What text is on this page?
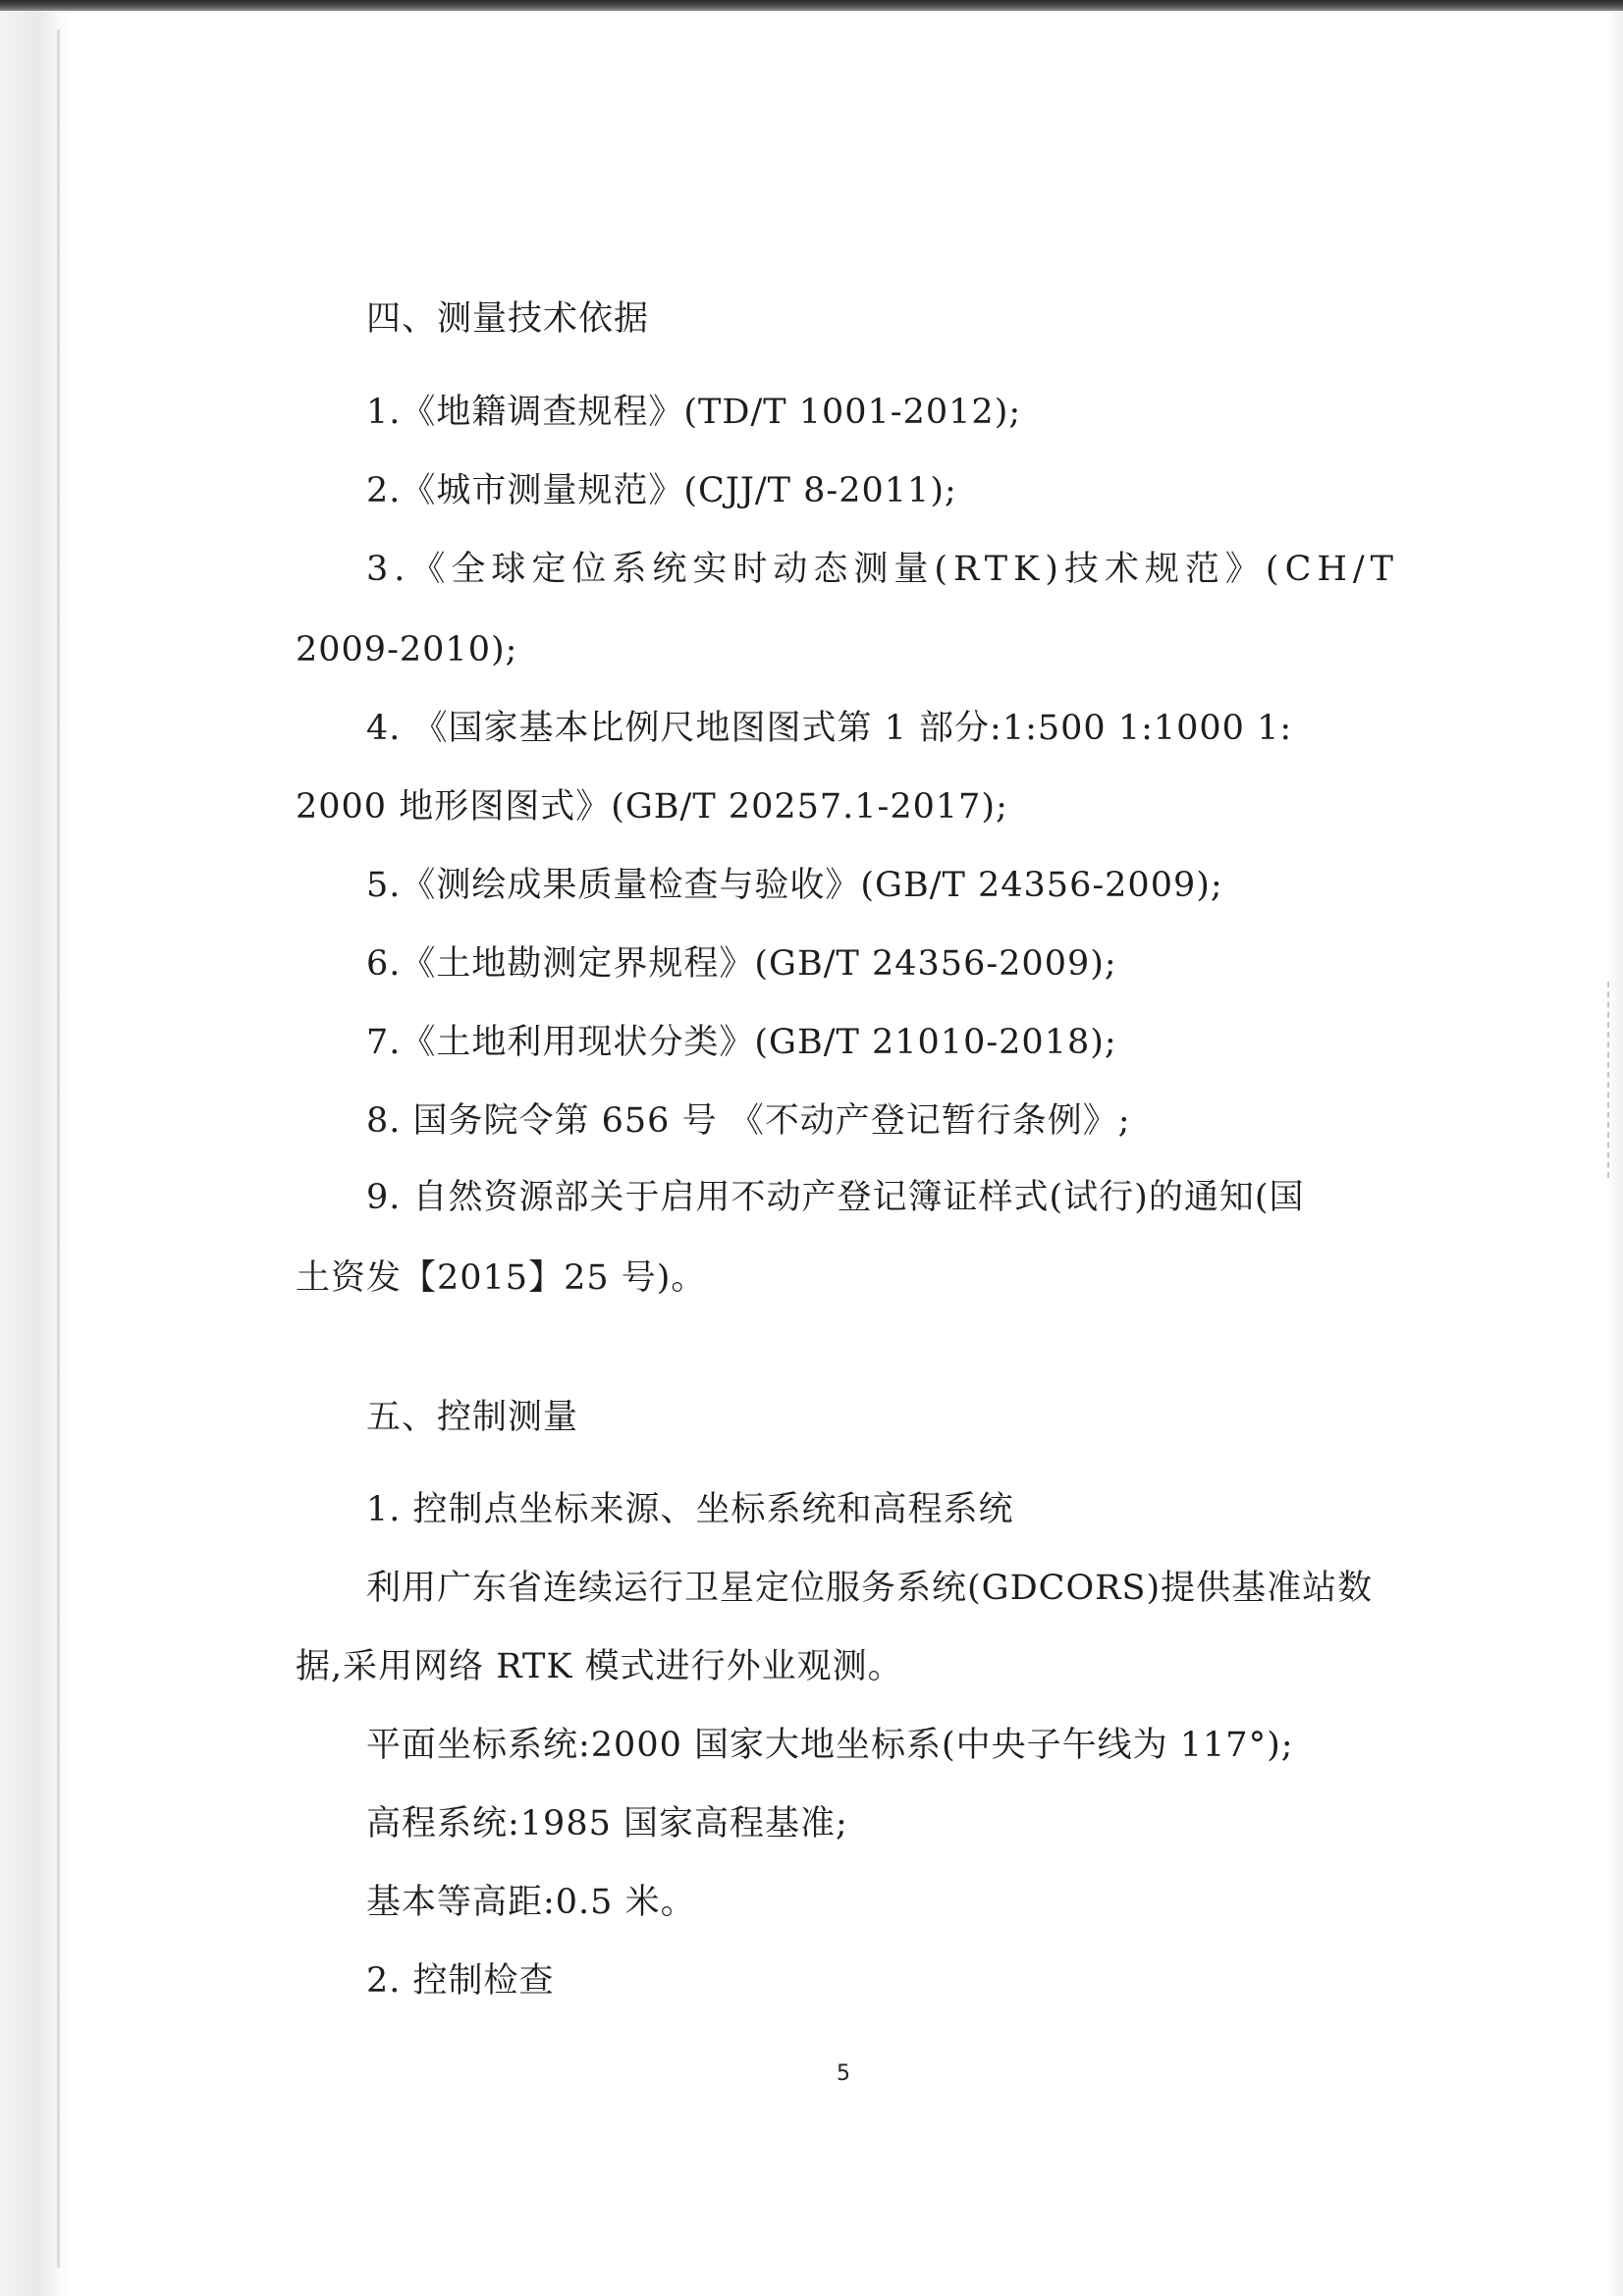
四、测量技术依据
1.《地籍调查规程》(TD/T 1001-2012);
2.《城市测量规范》(CJJ/T 8-2011);
3.《全球定位系统实时动态测量(RTK)技术规范》(CH/T
2009-2010);
4. 《国家基本比例尺地图图式第 1 部分:1:500 1:1000 1:
2000 地形图图式》(GB/T 20257.1-2017);
5.《测绘成果质量检查与验收》(GB/T 24356-2009);
6.《土地勘测定界规程》(GB/T 24356-2009);
7.《土地利用现状分类》(GB/T 21010-2018);
8. 国务院令第 656 号 《不动产登记暂行条例》;
9. 自然资源部关于启用不动产登记簿证样式(试行)的通知(国
土资发【2015】25 号)。
五、控制测量
1. 控制点坐标来源、坐标系统和高程系统
利用广东省连续运行卫星定位服务系统(GDCORS)提供基准站数
据,采用网络 RTK 模式进行外业观测。
平面坐标系统:2000 国家大地坐标系(中央子午线为 117°);
高程系统:1985 国家高程基准;
基本等高距:0.5 米。
2. 控制检查
5
